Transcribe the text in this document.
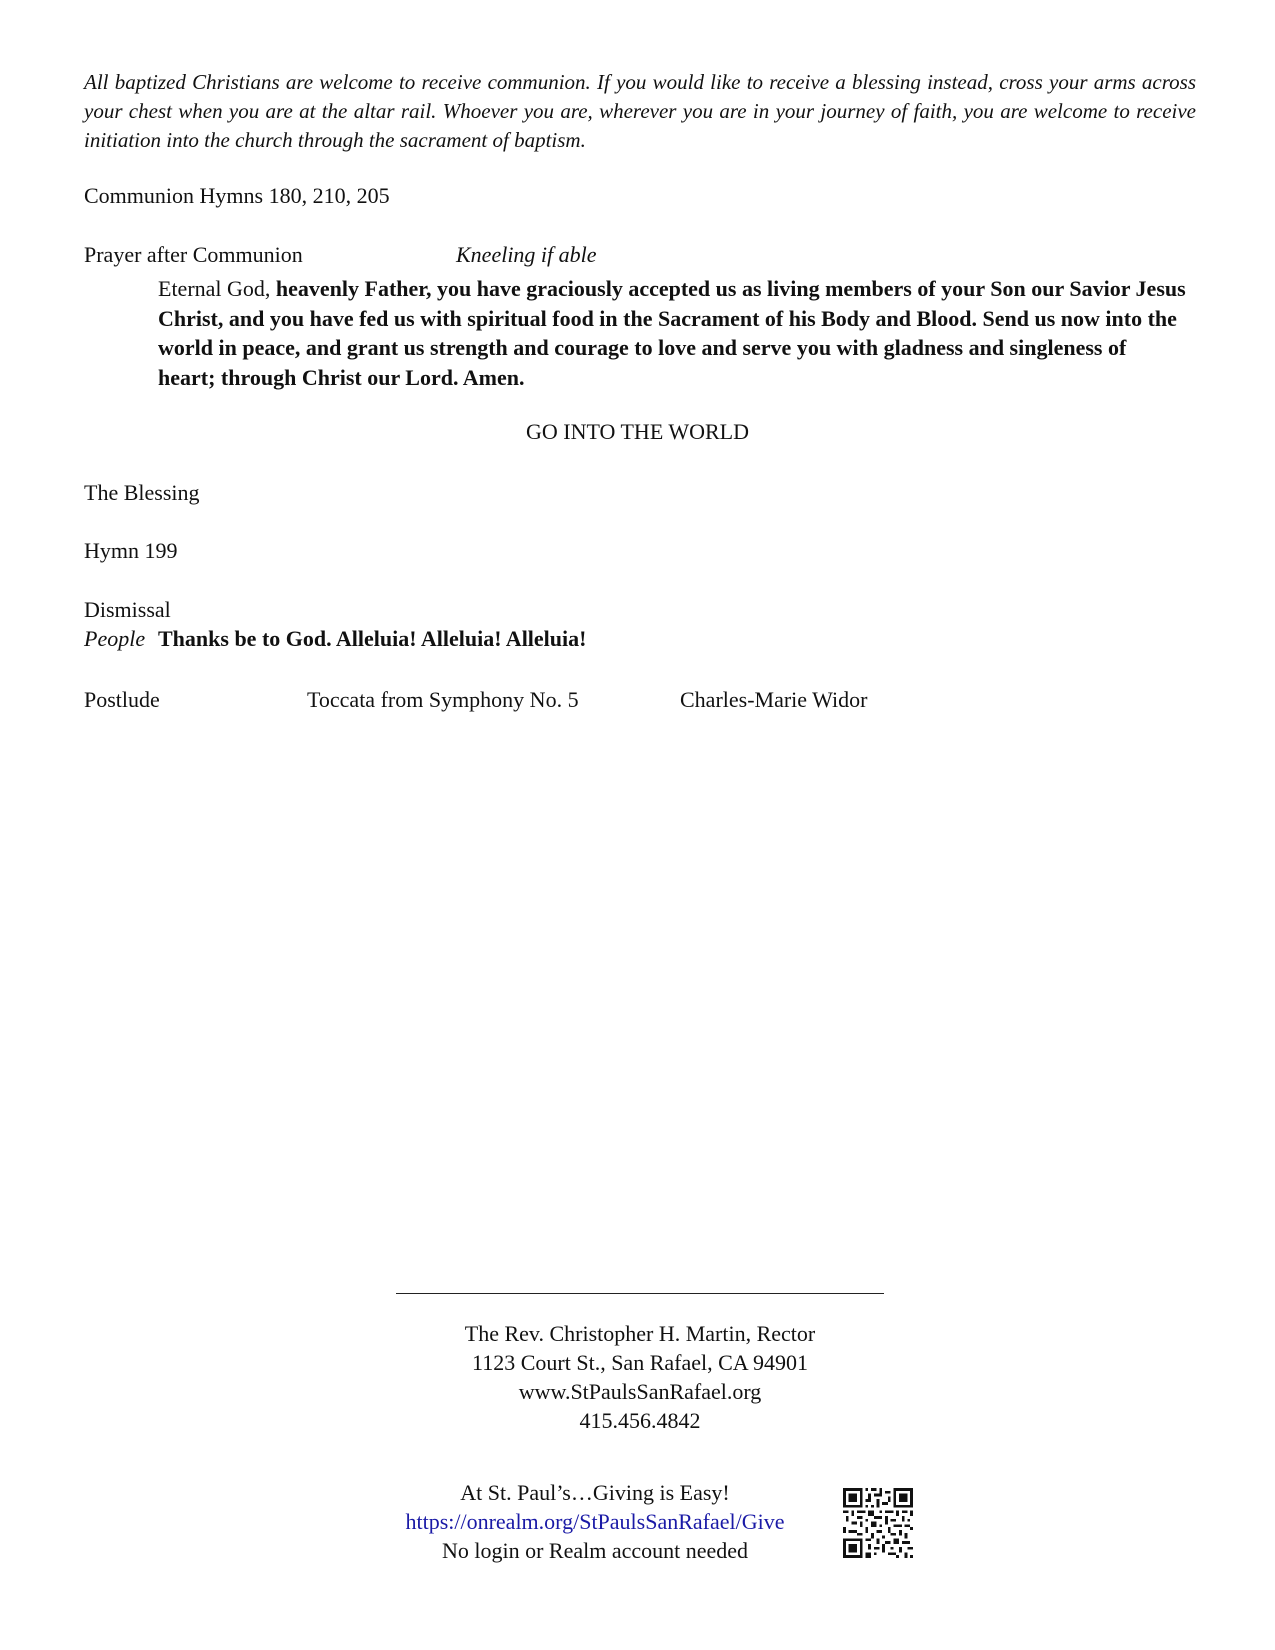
All baptized Christians are welcome to receive communion. If you would like to receive a blessing instead, cross your arms across your chest when you are at the altar rail. Whoever you are, wherever you are in your journey of faith, you are welcome to receive initiation into the church through the sacrament of baptism.
Communion Hymns 180, 210, 205
Prayer after Communion	Kneeling if able
Eternal God, heavenly Father, you have graciously accepted us as living members of your Son our Savior Jesus Christ, and you have fed us with spiritual food in the Sacrament of his Body and Blood. Send us now into the world in peace, and grant us strength and courage to love and serve you with gladness and singleness of heart; through Christ our Lord. Amen.
GO INTO THE WORLD
The Blessing
Hymn 199
Dismissal
People Thanks be to God. Alleluia! Alleluia! Alleluia!
Postlude	Toccata from Symphony No. 5	Charles-Marie Widor
The Rev. Christopher H. Martin, Rector
1123 Court St., San Rafael, CA 94901
www.StPaulsSanRafael.org
415.456.4842
At St. Paul’s…Giving is Easy!
https://onrealm.org/StPaulsSanRafael/Give
No login or Realm account needed
